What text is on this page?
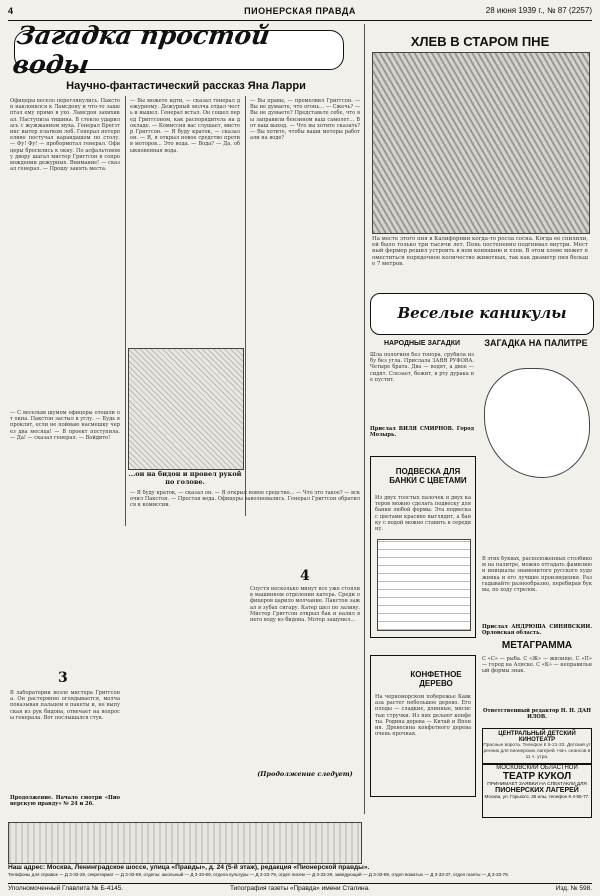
4	ПИОНЕРСКАЯ ПРАВДА	28 июня 1939 г., № 87 (2257)
Загадка простой воды
Научно-фантастический рассказ Яна Ларри
Офицеры весело переглянулись. Пакстон наклонился к Ламсдону и что-то зашептал ему прямо в ухо. Ламсдон захихикал. Наступила тишина. В стекло ударилась с жужжанием муха. Генерал Брегзтинс вытер платком лоб. Генерал нетерпеливо постучал карандашом по столу. — Фу! Фу! — пробормотал генерал. Офицеры бросились к окну. По асфальтовому двору шагал мистер Григгсон в сопровождении дежурных. Внимание! — сказал генерал. — Прошу занять места.
— С веселым шумом офицеры отошли от окна. Пакстон застыл в углу. — Будь я проклят, если не поймаю насмешку через два месяца! — В проект поступила. — Да! — сказал генерал. — Войдите!
3
В лаборатории возле мистера Григгсона. Он растерянно оглядывается, молча показывая пальцем в пакеты и, не выпуская из рук бидона, отвечает на вопросы генерала. Вот послышался стук.
Продолжение. Начало смотри «Пионерскую правду» № 24 и 26.
— Вы можете идти, — сказал генерал дежурному. Дежурный молча отдал честь и вышел. Генерал встал. Он сошел перед Григгсоном, как распорядитель на докладе. — Комиссия вас слушает, мистер Григгсон. — Я буду краток, — сказал он. — Я, я открыл новое средство против моторов... Это вода. — Вода? — Да, обыкновенная вода.
...он на бидон и провел рукой по голове.
— Я буду краток, — сказал он. — Я открыл новое средство... — Что это такое? — вскочил Пакстон. — Простая вода. Офицеры заволновались. Генерал Григгсон обратился к комиссии.
— Вы правы, — промолвил Григгсон. — Вы не думаете, что огонь... — Сжечь? — Вы не думаете? Представьте себе, что вы заправили бензином ваш самолет... Вот ваш выход. — Что вы хотите сказать? — Вы хотите, чтобы ваши моторы работали на воде?
4
Спустя несколько минут все уже стояли в машинном отделении катера. Среди офицеров царило молчание. Пакстон зажал в зубах сигару. Катер шел по заливу. Мистер Григгсон открыл бак и налил в него воду из бидона. Мотор зашумел...
(Продолжение следует)
ХЛЕВ В СТАРОМ ПНЕ
На месте этого пня в Калифорнии когда-то росла сосна. Когда ее спилили, ей было только три тысячи лет. Пень постепенно подгнивал внутри. Местный фермер решил устроить в нем конюшню и хлев. В этом хлеве может поместиться порядочное количество животных, так как диаметр пня больше 7 метров.
Веселые каникулы
НАРОДНЫЕ ЗАГАДКИ
Шла пологиня без топора, срубила избу без угла. Прислала ЗАЯЯ РУФОВА. Четыре брата. Два — водят, а двое — сидят. Слезает, бежит, в рту дурака не пустит.
Прислал ВИЛЯ СМИРНОВ. Город Мозырь.
ЗАГАДКА НА ПАЛИТРЕ
В этих буквах, расположенных столбиком на палитре, можно отгадать фамилию и инициалы знаменитого русского художника и его лучшие произведения. Разгадывайте разнообразно, перебирая буквы, по ходу стрелок.
Прислал АНДРЮША СИНЯВСКИЙ. Орловская область.
ПОДВЕСКА ДЛЯ БАНКИ С ЦВЕТАМИ
Из двух толстых палочек и двух катеров можно сделать подвеску для банки любой формы. Эта подвеска с цветами красиво выглядит, а банку с водой можно ставить в середину.
КОНФЕТНОЕ ДЕРЕВО
На черноморском побережье Кавказа растет небольшое дерево. Его плоды — сладкие, длинные, мясистые стручки. Из них делают конфеты. Родина дерева — Китай и Япония. Древесина конфетного дерева очень прочная.
МЕТАГРАММА
С «С» — рыба. С «Ж» — жилище. С «П» — город на Аляске. С «К» — неправильный формы знак.
Ответственный редактор Н. Н. ДАНИЛОВ.
ЦЕНТРАЛЬНЫЙ ДЕТСКИЙ КИНОТЕАТР
Прасные ворота. Телефон К 5-21-33. Детский утренник для пионерских лагерей. Нач. сеансов в 11 ч. утра.
МОСКОВСКИЙ ОБЛАСТНОЙ
ТЕАТР КУКОЛ
ПРИНИМАЕТ ЗАЯВКИ НА СПЕКТАКЛИ ДЛЯ
ПИОНЕРСКИХ ЛАГЕРЕЙ
Москва, ул. Горького, 38 илы, телефон К 4-55-77.
Наш адрес: Москва, Ленинградское шоссе, улица «Правды», д. 24 (5-й этаж), редакция «Пионерской правды».
Телефоны для справок — Д 3-33-29, секретариат — Д 3-33-89, отделы: школьный — Д 3-33-69, отдела культуры — Д 3-33-79, отдел писем — Д 3-33-29, заведующий — Д 3-33-89, отдел вожатых — Д 3-33-37, отдел газеты — Д 3-33-79.
Уполномоченный Главлита № Б-4145.	Типография газеты «Правда» имени Сталина.	Изд. № 598.
